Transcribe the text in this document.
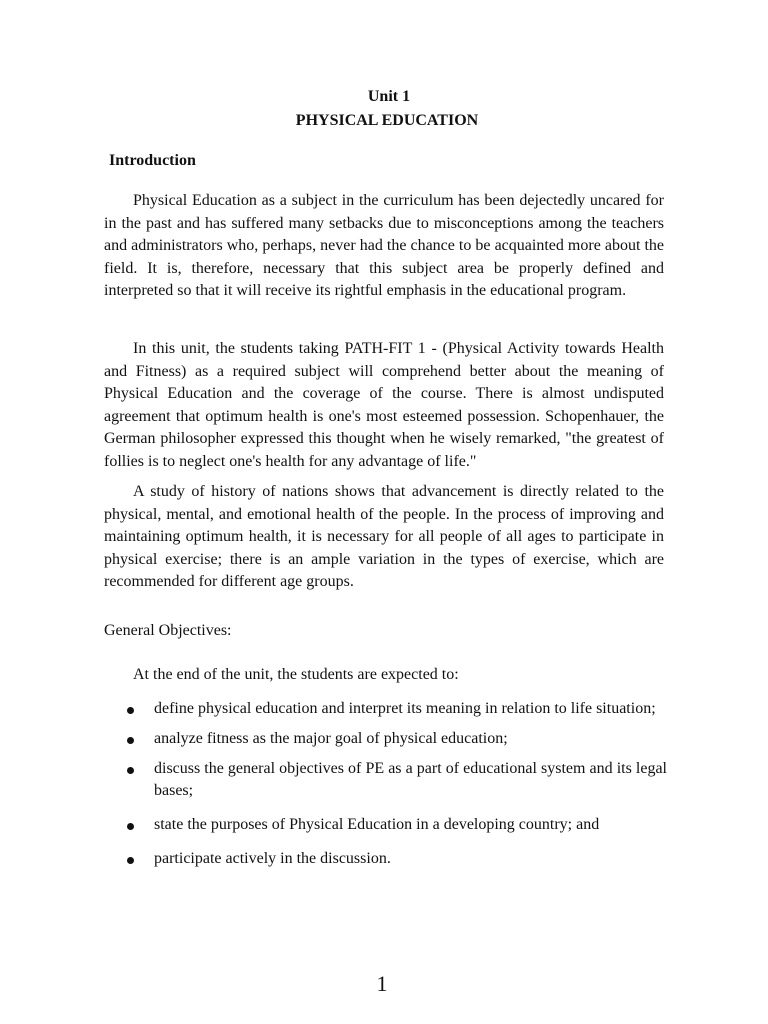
Unit 1
PHYSICAL EDUCATION
Introduction

Physical Education as a subject in the curriculum has been dejectedly uncared for in the past and has suffered many setbacks due to misconceptions among the teachers and administrators who, perhaps, never had the chance to be acquainted more about the field. It is, therefore, necessary that this subject area be properly defined and interpreted so that it will receive its rightful emphasis in the educational program.

In this unit, the students taking PATH-FIT 1 - (Physical Activity towards Health and Fitness) as a required subject will comprehend better about the meaning of Physical Education and the coverage of the course. There is almost undisputed agreement that optimum health is one's most esteemed possession. Schopenhauer, the German philosopher expressed this thought when he wisely remarked, "the greatest of follies is to neglect one's health for any advantage of life."

A study of history of nations shows that advancement is directly related to the physical, mental, and emotional health of the people. In the process of improving and maintaining optimum health, it is necessary for all people of all ages to participate in physical exercise; there is an ample variation in the types of exercise, which are recommended for different age groups.

General Objectives:
At the end of the unit, the students are expected to:
define physical education and interpret its meaning in relation to life situation;
analyze fitness as the major goal of physical education;
discuss the general objectives of PE as a part of educational system and its legal bases;
state the purposes of Physical Education in a developing country; and
participate actively in the discussion.
1
